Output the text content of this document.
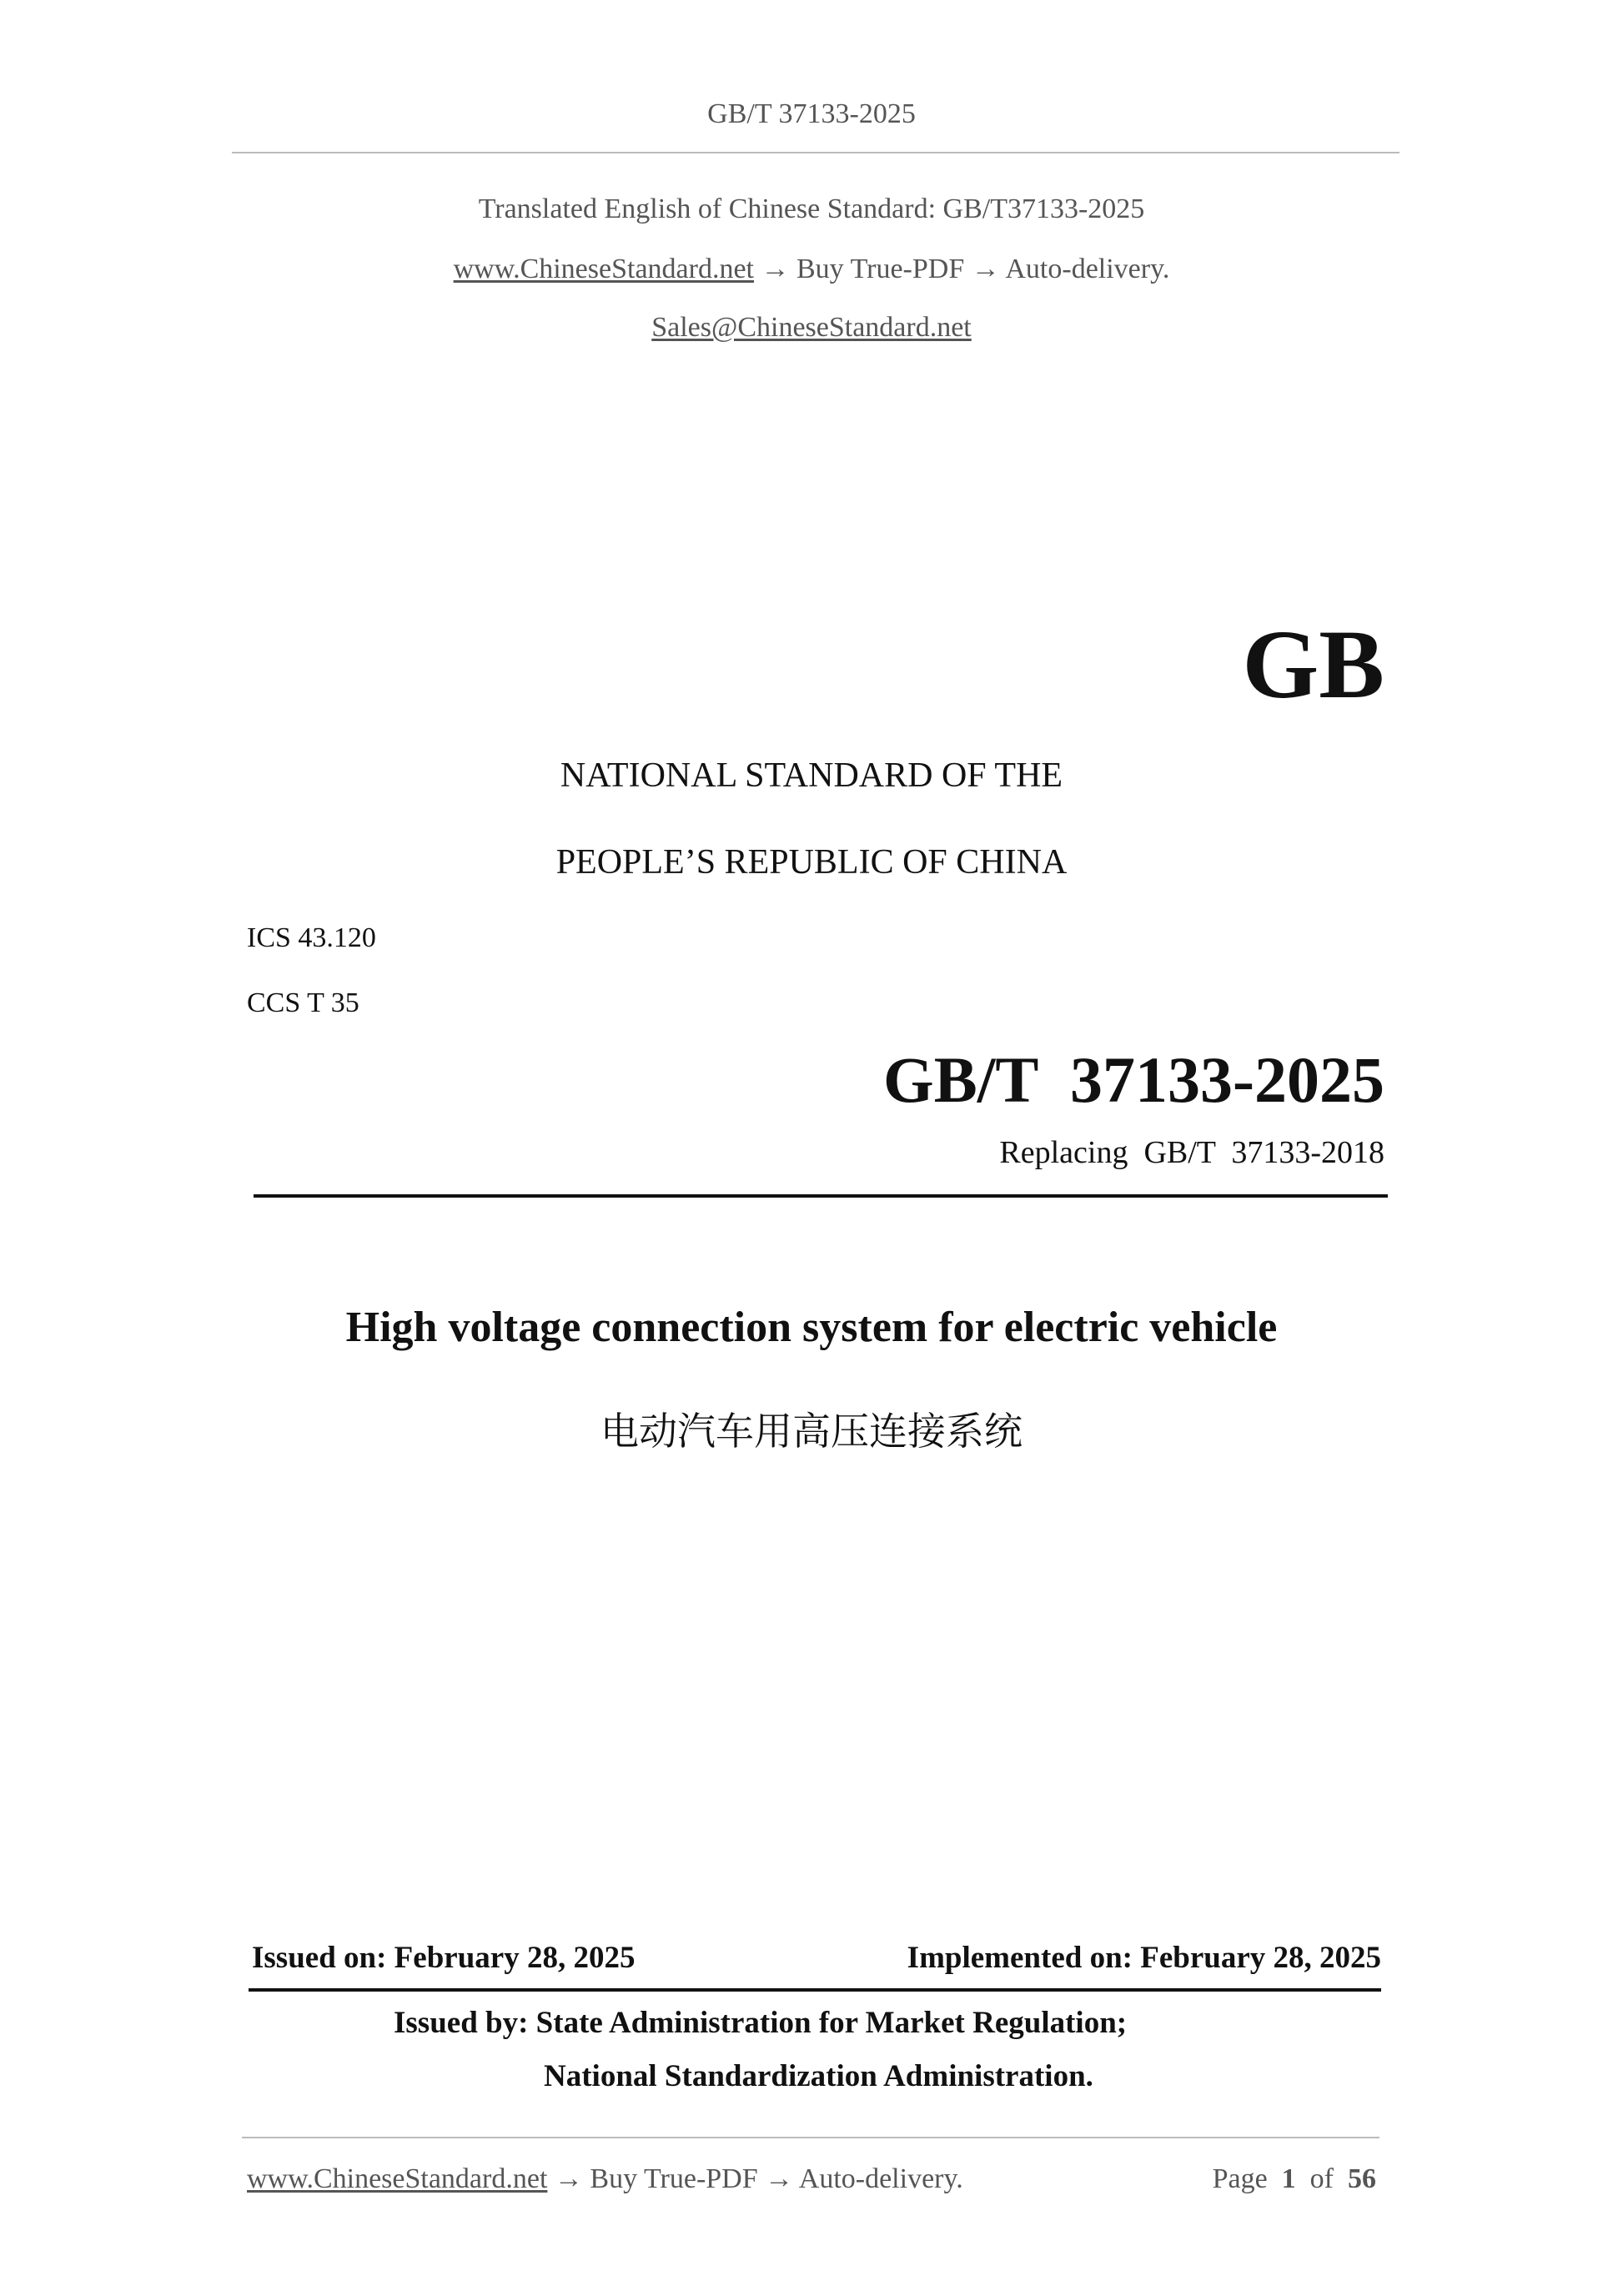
GB/T 37133-2025
Translated English of Chinese Standard: GB/T37133-2025
www.ChineseStandard.net → Buy True-PDF → Auto-delivery.
Sales@ChineseStandard.net
GB
NATIONAL STANDARD OF THE
PEOPLE’S REPUBLIC OF CHINA
ICS 43.120
CCS T 35
GB/T  37133-2025
Replacing  GB/T  37133-2018
High voltage connection system for electric vehicle
电动汽车用高压连接系统
Issued on: February 28, 2025	Implemented on: February 28, 2025
Issued by: State Administration for Market Regulation;
National Standardization Administration.
www.ChineseStandard.net → Buy True-PDF → Auto-delivery.	Page 1 of 56
